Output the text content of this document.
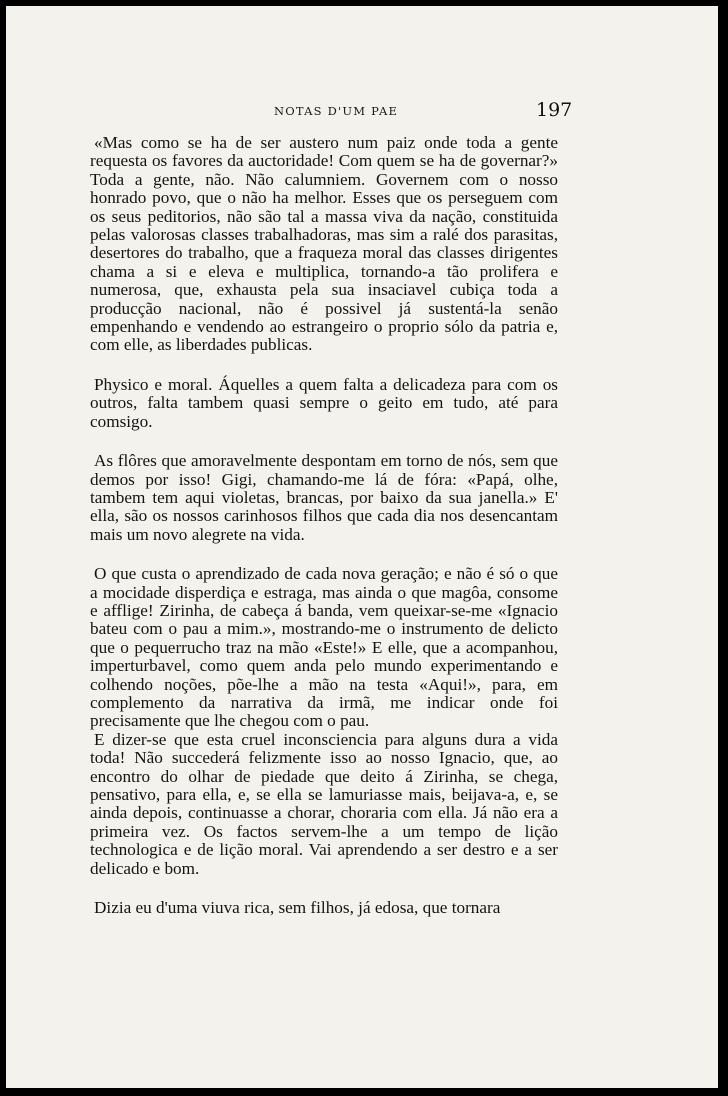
NOTAS D'UM PAE	197

«Mas como se ha de ser austero num paiz onde toda a gente requesta os favores da auctoridade! Com quem se ha de governar?» Toda a gente, não. Não calumniem. Governem com o nosso honrado povo, que o não ha melhor. Esses que os perseguem com os seus peditorios, não são tal a massa viva da nação, constituida pelas valorosas classes trabalhadoras, mas sim a ralé dos parasitas, desertores do trabalho, que a fraqueza moral das classes dirigentes chama a si e eleva e multiplica, tornando-a tão prolifera e numerosa, que, exhausta pela sua insaciavel cubiça toda a producção nacional, não é possivel já sustentá-la senão empenhando e vendendo ao estrangeiro o proprio sólo da patria e, com elle, as liberdades publicas.

Physico e moral. Áquelles a quem falta a delicadeza para com os outros, falta tambem quasi sempre o geito em tudo, até para comsigo.

As flôres que amoravelmente despontam em torno de nós, sem que demos por isso! Gigi, chamando-me lá de fóra: «Papá, olhe, tambem tem aqui violetas, brancas, por baixo da sua janella.» E' ella, são os nossos carinhosos filhos que cada dia nos desencantam mais um novo alegrete na vida.

O que custa o aprendizado de cada nova geração; e não é só o que a mocidade disperdiça e estraga, mas ainda o que magôa, consome e afflige! Zirinha, de cabeça á banda, vem queixar-se-me «Ignacio bateu com o pau a mim.», mostrando-me o instrumento de delicto que o pequerrucho traz na mão «Este!» E elle, que a acompanhou, imperturbavel, como quem anda pelo mundo experimentando e colhendo noções, põe-lhe a mão na testa «Aqui!», para, em complemento da narrativa da irmã, me indicar onde foi precisamente que lhe chegou com o pau.

E dizer-se que esta cruel inconsciencia para alguns dura a vida toda! Não succederá felizmente isso ao nosso Ignacio, que, ao encontro do olhar de piedade que deito á Zirinha, se chega, pensativo, para ella, e, se ella se lamuriasse mais, beijava-a, e, se ainda depois, continuasse a chorar, choraria com ella. Já não era a primeira vez. Os factos servem-lhe a um tempo de lição technologica e de lição moral. Vai aprendendo a ser destro e a ser delicado e bom.

Dizia eu d'uma viuva rica, sem filhos, já edosa, que tornara
